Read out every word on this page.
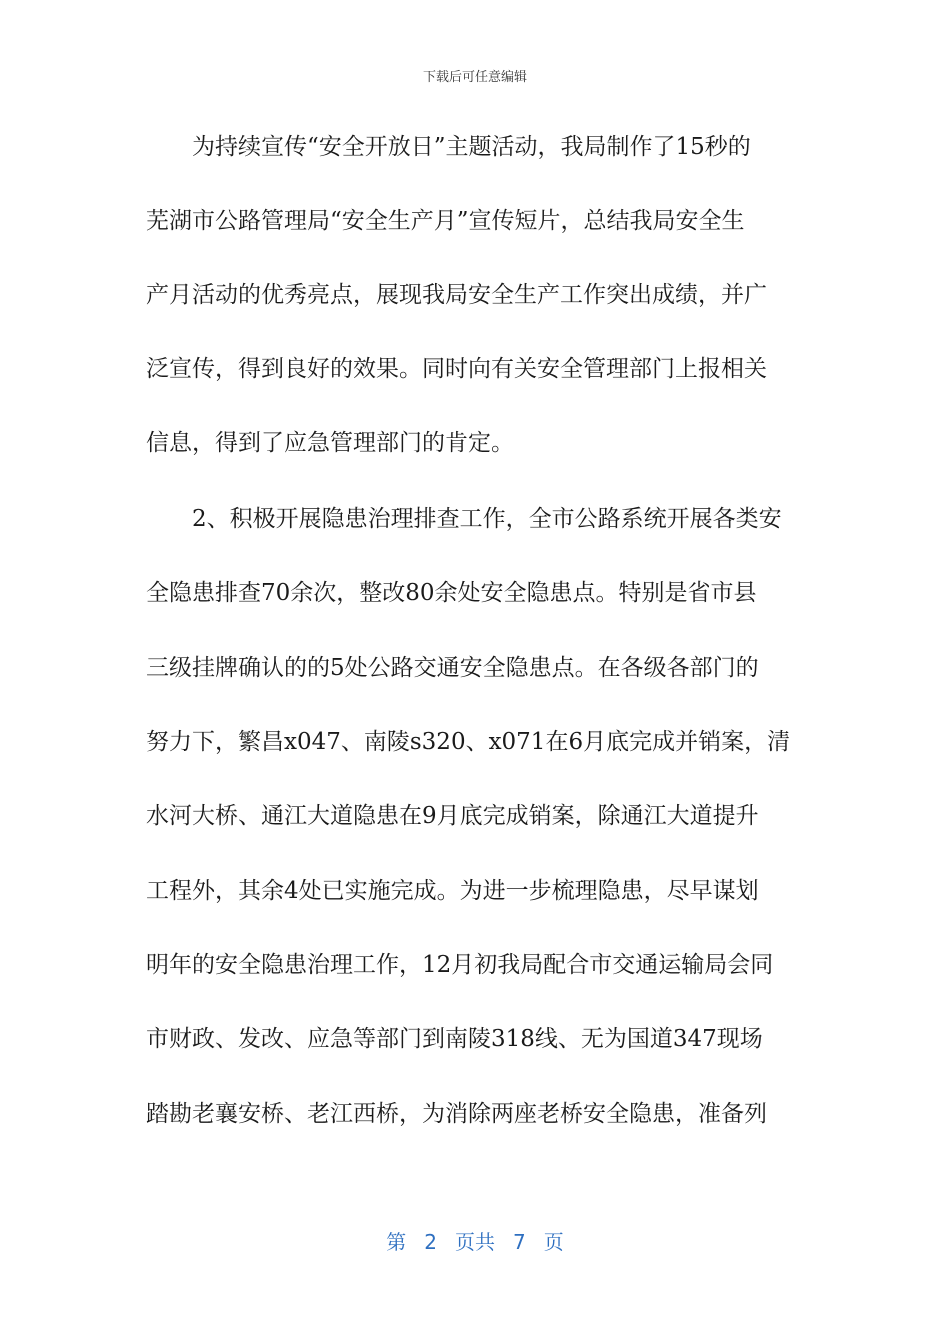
下载后可任意编辑
为持续宣传“安全开放日”主题活动，我局制作了15秒的
芜湖市公路管理局“安全生产月”宣传短片，总结我局安全生
产月活动的优秀亮点，展现我局安全生产工作突出成绩，并广
泛宣传，得到良好的效果。同时向有关安全管理部门上报相关
信息，得到了应急管理部门的肯定。
2、积极开展隐患治理排查工作，全市公路系统开展各类安
全隐患排查70余次，整改80余处安全隐患点。特别是省市县
三级挂牌确认的的5处公路交通安全隐患点。在各级各部门的
努力下，繁昌x047、南陵s320、x071在6月底完成并销案，清
水河大桥、通江大道隐患在9月底完成销案，除通江大道提升
工程外，其余4处已实施完成。为进一步梳理隐患，尽早谋划
明年的安全隐患治理工作，12月初我局配合市交通运输局会同
市财政、发改、应急等部门到南陵318线、无为国道347现场
踏勘老襄安桥、老江西桥，为消除两座老桥安全隐患，准备列
第 2 页共 7 页
